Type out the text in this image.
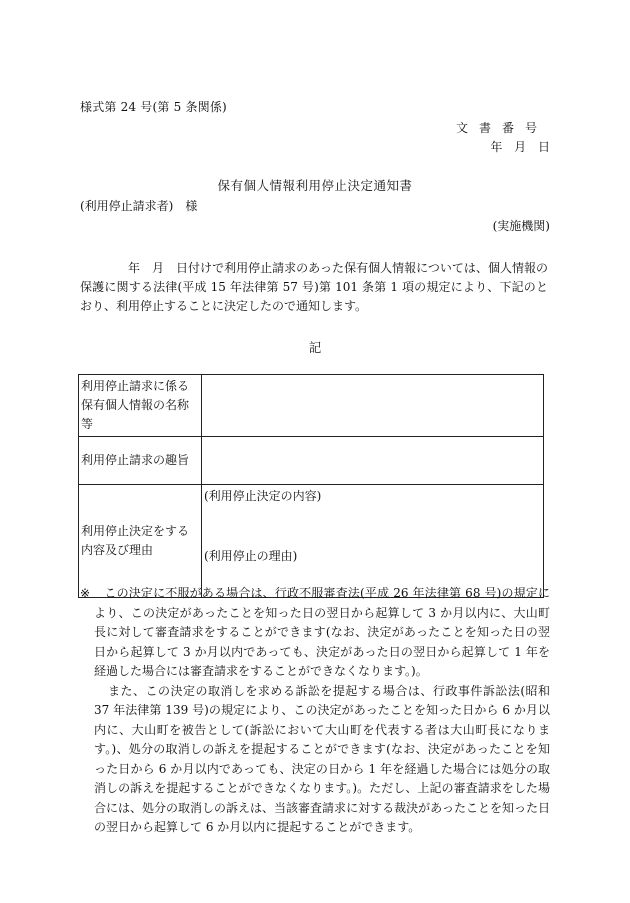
様式第 24 号(第 5 条関係)
文書番号
年 月 日
保有個人情報利用停止決定通知書
(利用停止請求者)　様
(実施機関)

年　月　日付けで利用停止請求のあった保有個人情報については、個人情報の保護に関する法律(平成 15 年法律第 57 号)第 101 条第 1 項の規定により、下記のとおり、利用停止することに決定したので通知します。

記
利用停止請求に係る保有個人情報の名称等	
利用停止請求の趣旨	
利用停止決定をする内容及び理由	(利用停止決定の内容)
(利用停止の理由)

※ この決定に不服がある場合は、行政不服審査法(平成 26 年法律第 68 号)の規定により、この決定があったことを知った日の翌日から起算して 3 か月以内に、大山町長に対して審査請求をすることができます(なお、決定があったことを知った日の翌日から起算して 3 か月以内であっても、決定があった日の翌日から起算して 1 年を経過した場合には審査請求をすることができなくなります。)。

また、この決定の取消しを求める訴訟を提起する場合は、行政事件訴訟法(昭和 37 年法律第 139 号)の規定により、この決定があったことを知った日から 6 か月以内に、大山町を被告として(訴訟において大山町を代表する者は大山町長になります。)、処分の取消しの訴えを提起することができます(なお、決定があったことを知った日から 6 か月以内であっても、決定の日から 1 年を経過した場合には処分の取消しの訴えを提起することができなくなります。)。ただし、上記の審査請求をした場合には、処分の取消しの訴えは、当該審査請求に対する裁決があったことを知った日の翌日から起算して 6 か月以内に提起することができます。
